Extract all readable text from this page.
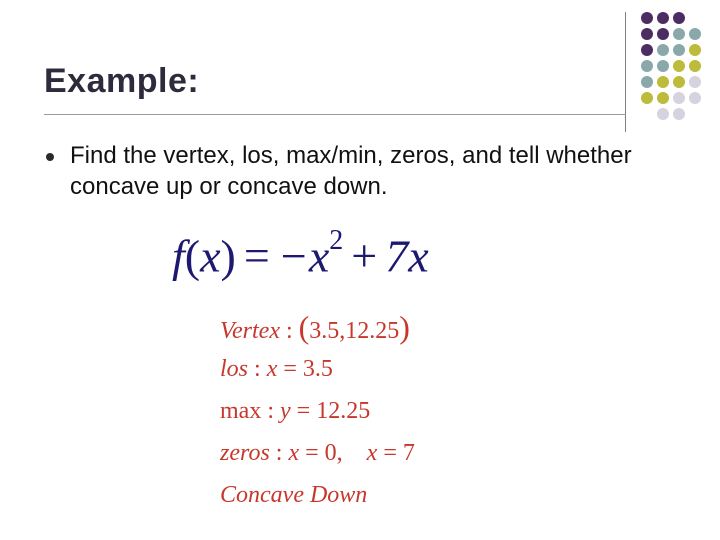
Example:

Find the vertex, los, max/min, zeros, and tell whether concave up or concave down.

$f(x) = -x^2 + 7x$
Vertex : (3.5,12.25)
los : x = 3.5
max : y = 12.25
zeros : x = 0, x = 7
Concave Down
